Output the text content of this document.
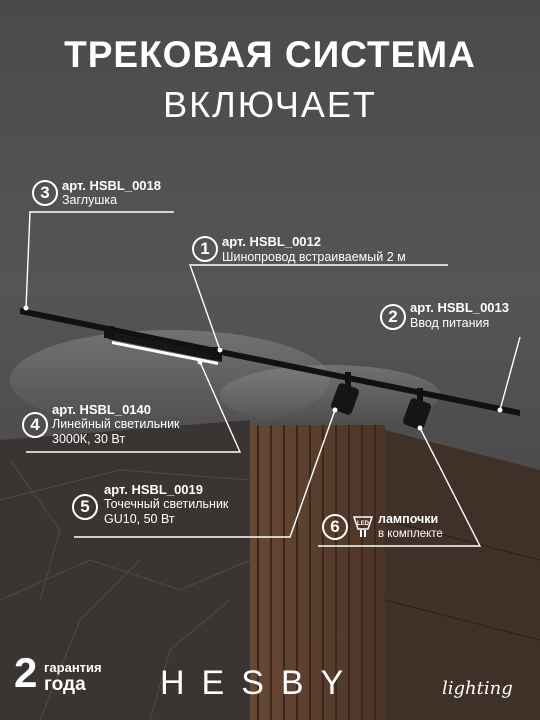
ТРЕКОВАЯ СИСТЕМА
ВКЛЮЧАЕТ
3 арт. HSBL_0018
Заглушка
1 арт. HSBL_0012
Шинопровод встраиваемый 2 м
2 арт. HSBL_0013
Ввод питания
4
арт. HSBL_0140
Линейный светильник
3000К, 30 Вт
5
арт. HSBL_0019
Точечный светильник
GU10, 50 Вт	6	LED лампочки
в комплекте
2 гарантия
года HESBY	lighting
